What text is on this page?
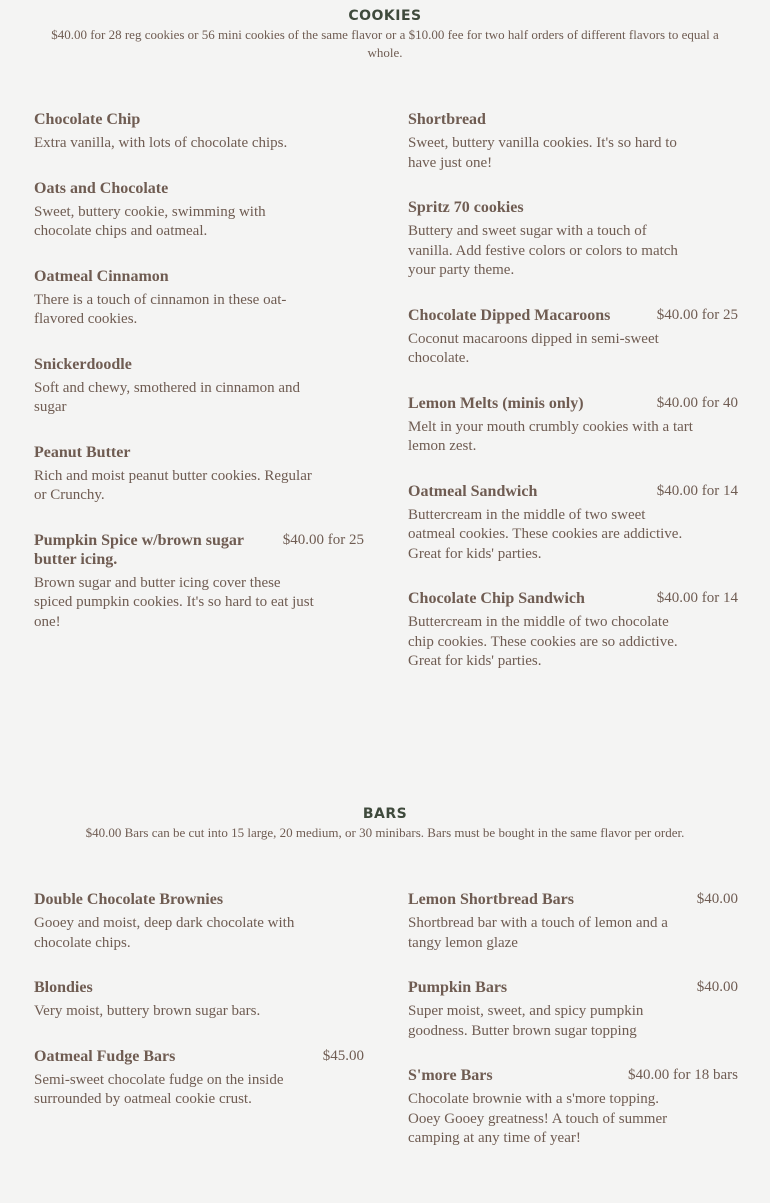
COOKIES

$40.00 for 28 reg cookies or 56 mini cookies of the same flavor or a $10.00 fee for two half orders of different flavors to equal a whole.

Chocolate Chip
Extra vanilla, with lots of chocolate chips.
Oats and Chocolate
Sweet, buttery cookie, swimming with chocolate chips and oatmeal.
Oatmeal Cinnamon
There is a touch of cinnamon in these oat-flavored cookies.
Snickerdoodle
Soft and chewy, smothered in cinnamon and sugar
Peanut Butter
Rich and moist peanut butter cookies. Regular or Crunchy.
Pumpkin Spice w/brown sugar butter icing.
$40.00 for 25
Brown sugar and butter icing cover these spiced pumpkin cookies. It's so hard to eat just one!
Shortbread
Sweet, buttery vanilla cookies. It's so hard to have just one!
Spritz 70 cookies
Buttery and sweet sugar with a touch of vanilla. Add festive colors or colors to match your party theme.
Chocolate Dipped Macaroons	$40.00 for 25
Coconut macaroons dipped in semi-sweet chocolate.
Lemon Melts (minis only)	$40.00 for 40
Melt in your mouth crumbly cookies with a tart lemon zest.
Oatmeal Sandwich	$40.00 for 14
Buttercream in the middle of two sweet oatmeal cookies. These cookies are addictive. Great for kids' parties.
Chocolate Chip Sandwich	$40.00 for 14
Buttercream in the middle of two chocolate chip cookies. These cookies are so addictive. Great for kids' parties.
BARS

$40.00 Bars can be cut into 15 large, 20 medium, or 30 minibars. Bars must be bought in the same flavor per order.

Double Chocolate Brownies
Gooey and moist, deep dark chocolate with chocolate chips.
Blondies
Very moist, buttery brown sugar bars.
Oatmeal Fudge Bars	$45.00
Semi-sweet chocolate fudge on the inside surrounded by oatmeal cookie crust.
Lemon Shortbread Bars	$40.00
Shortbread bar with a touch of lemon and a tangy lemon glaze
Pumpkin Bars	$40.00
Super moist, sweet, and spicy pumpkin goodness. Butter brown sugar topping
S'more Bars	$40.00 for 18 bars
Chocolate brownie with a s'more topping. Ooey Gooey greatness! A touch of summer camping at any time of year!
